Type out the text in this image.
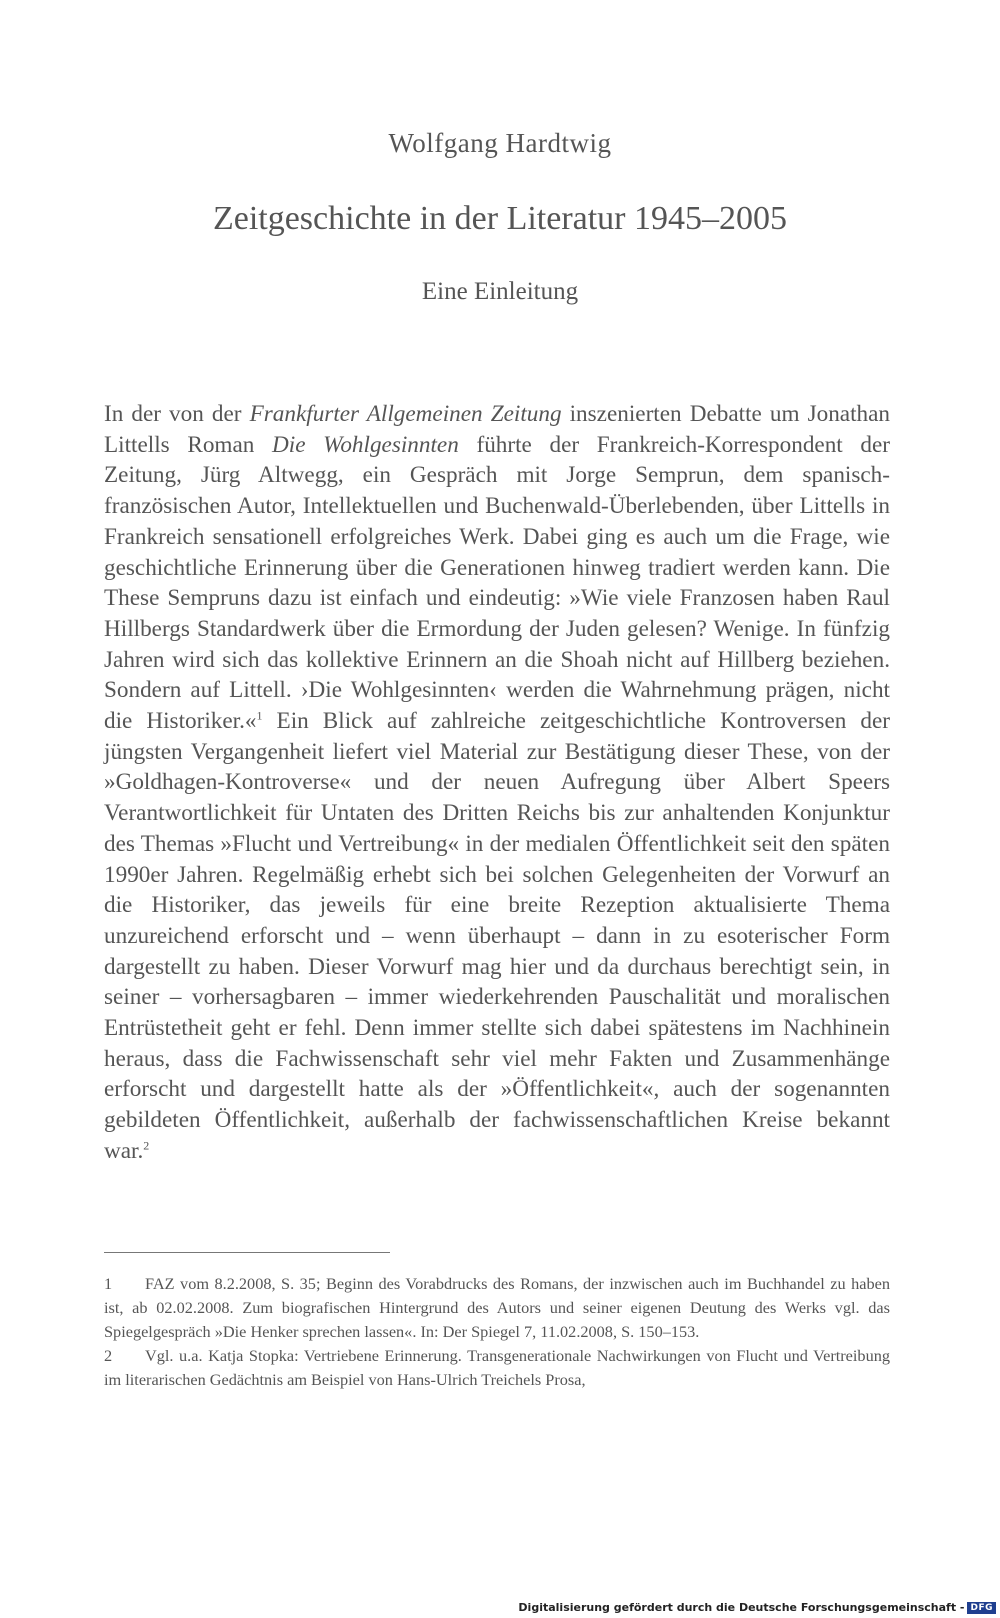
Wolfgang Hardtwig
Zeitgeschichte in der Literatur 1945–2005
Eine Einleitung

In der von der Frankfurter Allgemeinen Zeitung inszenierten Debatte um Jonathan Littells Roman Die Wohlgesinnten führte der Frankreich-Korrespondent der Zeitung, Jürg Altwegg, ein Gespräch mit Jorge Semprun, dem spanisch-französischen Autor, Intellektuellen und Buchenwald-Überlebenden, über Littells in Frankreich sensationell erfolgreiches Werk. Dabei ging es auch um die Frage, wie geschichtliche Erinnerung über die Generationen hinweg tradiert werden kann. Die These Sempruns dazu ist einfach und eindeutig: »Wie viele Franzosen haben Raul Hillbergs Standardwerk über die Ermordung der Juden gelesen? Wenige. In fünfzig Jahren wird sich das kollektive Erinnern an die Shoah nicht auf Hillberg beziehen. Sondern auf Littell. ›Die Wohlgesinnten‹ werden die Wahrnehmung prägen, nicht die Historiker.«$^1$ Ein Blick auf zahlreiche zeitgeschichtliche Kontroversen der jüngsten Vergangenheit liefert viel Material zur Bestätigung dieser These, von der »Goldhagen-Kontroverse« und der neuen Aufregung über Albert Speers Verantwortlichkeit für Untaten des Dritten Reichs bis zur anhaltenden Konjunktur des Themas »Flucht und Vertreibung« in der medialen Öffentlichkeit seit den späten 1990er Jahren. Regelmäßig erhebt sich bei solchen Gelegenheiten der Vorwurf an die Historiker, das jeweils für eine breite Rezeption aktualisierte Thema unzureichend erforscht und – wenn überhaupt – dann in zu esoterischer Form dargestellt zu haben. Dieser Vorwurf mag hier und da durchaus berechtigt sein, in seiner – vorhersagbaren – immer wiederkehrenden Pauschalität und moralischen Entrüstetheit geht er fehl. Denn immer stellte sich dabei spätestens im Nachhinein heraus, dass die Fachwissenschaft sehr viel mehr Fakten und Zusammenhänge erforscht und dargestellt hatte als der »Öffentlichkeit«, auch der sogenannten gebildeten Öffentlichkeit, außerhalb der fachwissenschaftlichen Kreise bekannt war.$^2$

1 FAZ vom 8.2.2008, S. 35; Beginn des Vorabdrucks des Romans, der inzwischen auch im Buchhandel zu haben ist, ab 02.02.2008. Zum biografischen Hintergrund des Autors und seiner eigenen Deutung des Werks vgl. das Spiegelgespräch »Die Henker sprechen lassen«. In: Der Spiegel 7, 11.02.2008, S. 150–153.

2 Vgl. u.a. Katja Stopka: Vertriebene Erinnerung. Transgenerationale Nachwirkungen von Flucht und Vertreibung im literarischen Gedächtnis am Beispiel von Hans-Ulrich Treichels Prosa,

Digitalisierung gefördert durch die Deutsche Forschungsgemeinschaft - DFG
